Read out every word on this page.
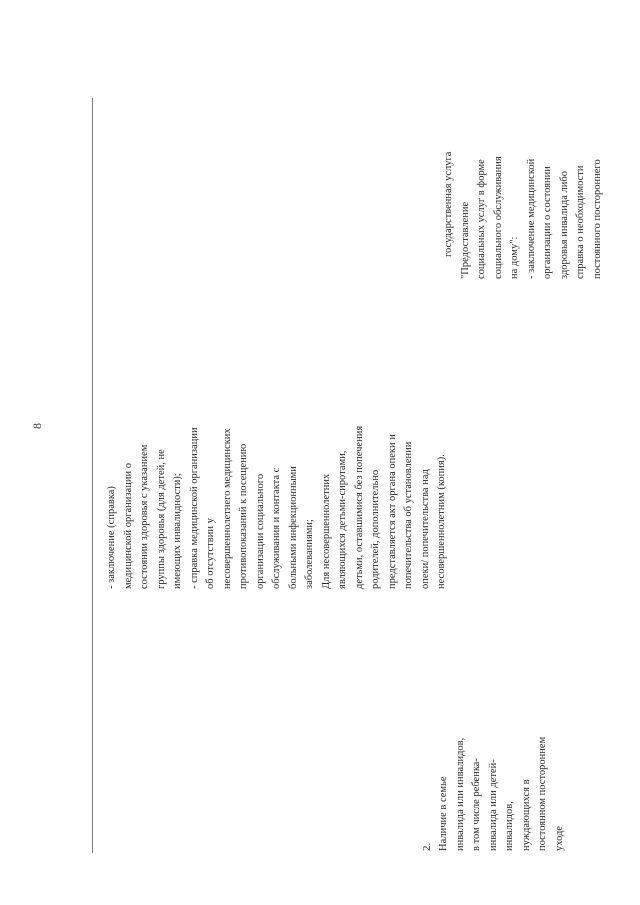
8
2. Наличие в семье
инвалида или инвалидов,
в том числе ребенка-
инвалида или детей-
инвалидов,
нуждающихся в
постоянном постороннем
уходе

- заключение (справка)
медицинской организации о
состоянии здоровья с указанием
группы здоровья (для детей, не
имеющих инвалидности);

- справка медицинской организации
об отсутствии у
несовершеннолетнего медицинских
противопоказаний к посещению
организации социального
обслуживания и контакта с
больными инфекционными
заболеваниями; Для несовершеннолетних
являющихся детьми-сиротами,
детьми, оставшимися без попечения
родителей, дополнительно
представляется акт органа опеки и
попечительства об установлении
опеки/ попечительства над
несовершеннолетним (копия).

государственная услуга "Предоставление
социальных услуг в форме
социального обслуживания
на дому":

- заключение медицинской
организации о состоянии
здоровья инвалида либо
справка о необходимости
постоянного постороннего
